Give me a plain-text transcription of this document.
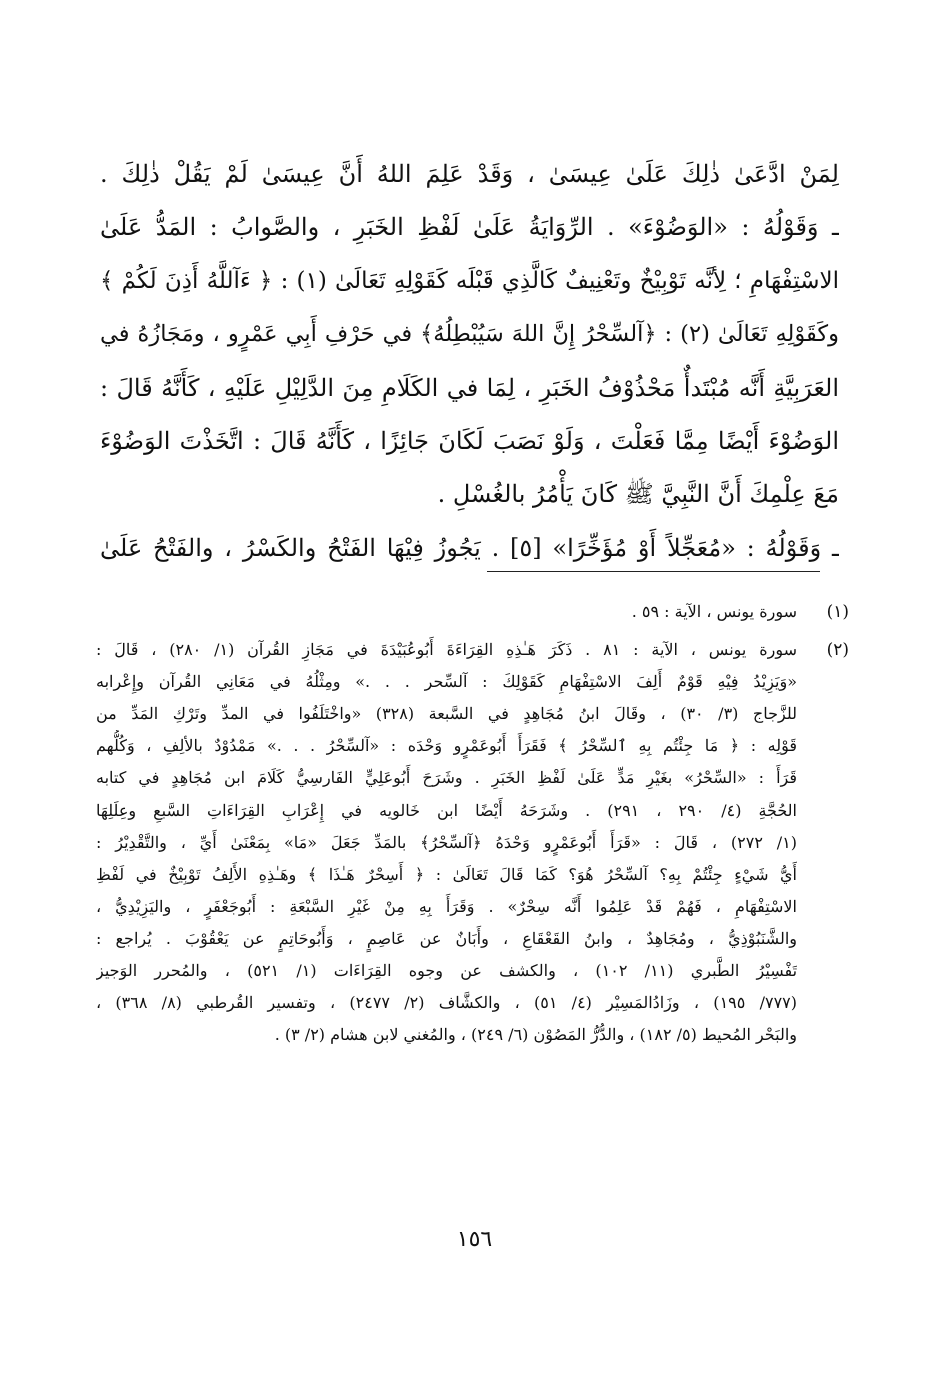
لِمَنْ ادَّعَىٰ ذٰلِكَ عَلَىٰ عِيسَىٰ ، وَقَدْ عَلِمَ اللهُ أَنَّ عِيسَىٰ لَمْ يَقُلْ ذٰلِكَ .
ـ وَقَوْلُهُ : «الوَضُوْءَ» . الرِّوَايَةُ عَلَىٰ لَفْظِ الخَبَرِ ، والصَّوابُ : المَدُّ عَلَىٰ
الاسْتِفْهَامِ ؛ لِأنَّه تَوْبِيْخٌ وتَعْنِيفٌ كَالَّذِي قَبْلَه كَقَوْلِهِ تَعَالَىٰ (١) : ﴿ ءَآللَّهُ أَذِنَ لَكُمْ ﴾
وكَقَوْلِهِ تَعَالَىٰ (٢) : ﴿آلسِّحْرُ إِنَّ اللهَ سَيُبْطِلُهُ﴾ في حَرْفِ أَبِي عَمْرٍو ، ومَجَازُهُ في
العَرَبِيَّةِ أَنَّه مُبْتَدأٌ مَحْذُوْفُ الخَبَرِ ، لِمَا في الكَلَامِ مِنَ الدَّلِيْلِ عَلَيْهِ ، كَأَنَّهُ قَالَ :
الوَضُوْءَ أَيْضًا مِمَّا فَعَلْتَ ، وَلَوْ نَصَبَ لَكَانَ جَائِزًا ، كَأَنَّهُ قَالَ : اتَّخَذْتَ الوَضُوْءَ
مَعَ عِلْمِكَ أَنَّ النَّبِيَّ ﷺ كَانَ يَأْمُرُ بالغُسْلِ .
ـ وَقَوْلُهُ : «مُعَجِّلاً أَوْ مُؤَخِّرًا» [٥] . يَجُوزُ فِيْهَا الفَتْحُ والكَسْرُ ، والفَتْحُ عَلَىٰ
(١)
سورة يونس ، الآية : ٥٩ .
(٢)
سورة يونس ، الآية : ٨١ . ذَكَرَ هَـٰذِهِ القِرَاءَةَ أَبُوعُبَيْدَةَ في مَجَازِ القُرآن (١/ ٢٨٠) ، قَالَ :
«وَيَزِيْدُ فِيْهِ قَوْمٌ أَلِفَ الاسْتِفْهَامِ كَقَوْلِكَ : آلسِّحر . . .» ومِثْلُهُ في مَعَانِي القُرآن وإِعْرابه
للزَّجاج (٣/ ٣٠) ، وقَالَ ابنُ مُجَاهِدٍ في السَّبعة (٣٢٨) «واخْتَلَفُوا في المدِّ وتَرْكِ المَدِّ من
قَوْلِه : ﴿ مَا جِئْتُم بِهِ ٱلسِّحْرُ ﴾ فَقَرَأَ أَبُوعَمْرٍو وَحْدَه : «آلسِّحْرُ . . .» مَمْدُوْدٌ بالألِفِ ، وَكُلُّهم
قَرَأَ : «السِّحْرُ» بغَيْرِ مَدٍّ عَلَىٰ لَفْظِ الخَبَرِ . وشَرَحَ أَبُوعَلِيٍّ الفَارسِيُّ كَلَامَ ابن مُجَاهِدٍ في كتابه
الحُجَّةِ (٤/ ٢٩٠ ، ٢٩١) . وشَرَحَهُ أَيْضًا ابن خَالويه في إِعْرَابِ القِرَاءَاتِ السَّبعِ وعِلَلِهَا
(١/ ٢٧٢) ، قَالَ : «قَرَأَ أَبُوعَمْرٍو وَحْدَهُ ﴿آلسِّحْرُ﴾ بالمَدِّ جَعَلَ «مَا» بِمَعْنَىٰ أَيِّ ، والتَّقْدِيْرُ :
أَيُّ شَيْءٍ جِئْتُمْ بِهِ؟ آلسِّحْرُ هُوَ؟ كَمَا قَالَ تَعَالَىٰ : ﴿ أَسِحْرٌ هَـٰذَا ﴾ وهَـٰذِهِ الأَلِفُ تَوْبِيْخٌ في لَفْظِ
الاسْتِفْهَامِ ، فَهُمْ قَدْ عَلِمُوا أَنَّه سِحْرٌ» . وَقَرَأَ بِهِ مِنْ غَيْرِ السَّبْعَةِ : أَبُوجَعْفَرٍ ، واليَزِيْدِيُّ ،
والشَّنَبُوْذِيُّ ، ومُجَاهِدٌ ، وابنُ القَعْقَاعِ ، وأَبَانٌ عن عَاصِمٍ ، وَأَبُوحَاتِمٍ عن يَعْقُوْبَ . يُراجع :
تَفْسِيْرُ الطَّبري (١١/ ١٠٢) ، والكشف عن وجوه القِرَاءَات (١/ ٥٢١) ، والمُحرر الوَجيز
(٧٧٧/ ١٩٥) ، وزَادُالمَسِيْر (٤/ ٥١) ، والكشَّاف (٢/ ٢٤٧٧) ، وتفسير القُرطبي (٨/ ٣٦٨) ،
والبَحْر المُحيط (٥/ ١٨٢) ، والدُّرُّ المَصُوْن (٦/ ٢٤٩) ، والمُغني لابن هشام (٢/ ٣) .
١٥٦
